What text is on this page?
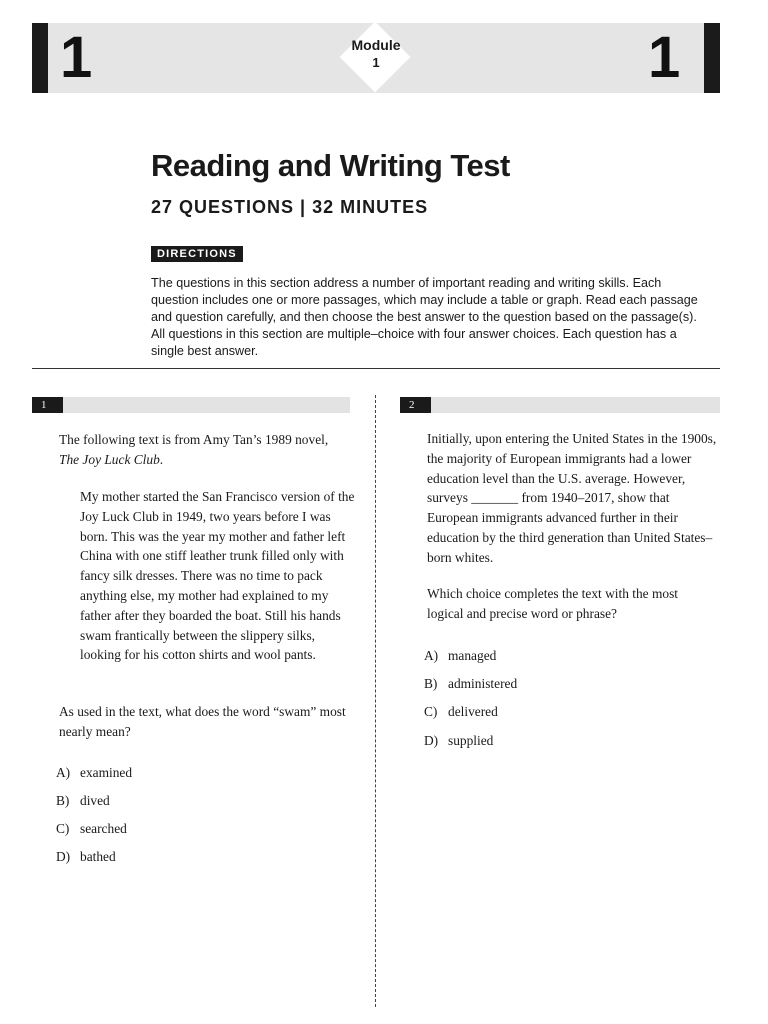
1	1
Module
1
Reading and Writing Test
27 QUESTIONS | 32 MINUTES
DIRECTIONS

The questions in this section address a number of important reading and writing skills. Each question includes one or more passages, which may include a table or graph. Read each passage and question carefully, and then choose the best answer to the question based on the passage(s). All questions in this section are multiple–choice with four answer choices. Each question has a single best answer.

1

The following text is from Amy Tan’s 1989 novel,
The Joy Luck Club.

My mother started the San Francisco version of the Joy Luck Club in 1949, two years before I was born. This was the year my mother and father left China with one stiff leather trunk filled only with fancy silk dresses. There was no time to pack anything else, my mother had explained to my father after they boarded the boat. Still his hands swam frantically between the slippery silks, looking for his cotton shirts and wool pants.

As used in the text, what does the word “swam” most nearly mean?

A) examined
B) dived
C) searched
D) bathed
2

Initially, upon entering the United States in the 1900s, the majority of European immigrants had a lower education level than the U.S. average. However, surveys _______ from 1940–2017, show that European immigrants advanced further in their education by the third generation than United States–born whites.

Which choice completes the text with the most logical and precise word or phrase?

A) managed
B) administered
C) delivered
D) supplied
